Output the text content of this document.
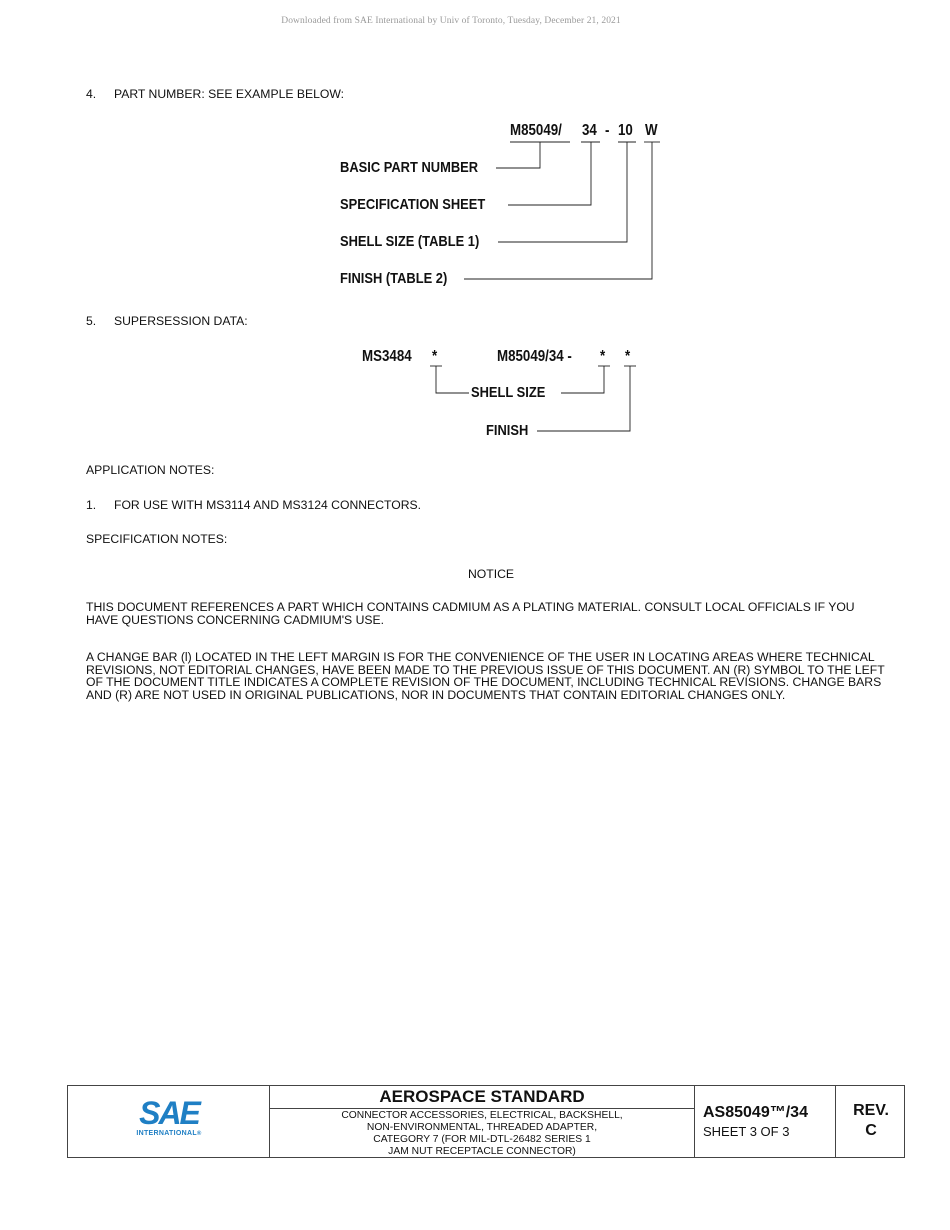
Downloaded from SAE International by Univ of Toronto, Tuesday, December 21, 2021
4. PART NUMBER: SEE EXAMPLE BELOW:
M85049/ 34 - 10 W
BASIC PART NUMBER
SPECIFICATION SHEET
SHELL SIZE (TABLE 1)
FINISH (TABLE 2)
5. SUPERSESSION DATA:
MS3484 *	M85049/34 - * *
SHELL SIZE
FINISH
APPLICATION NOTES:
1. FOR USE WITH MS3114 AND MS3124 CONNECTORS.
SPECIFICATION NOTES:
NOTICE
THIS DOCUMENT REFERENCES A PART WHICH CONTAINS CADMIUM AS A PLATING MATERIAL. CONSULT LOCAL OFFICIALS IF YOU HAVE QUESTIONS CONCERNING CADMIUM'S USE.
A CHANGE BAR (l) LOCATED IN THE LEFT MARGIN IS FOR THE CONVENIENCE OF THE USER IN LOCATING AREAS WHERE TECHNICAL REVISIONS, NOT EDITORIAL CHANGES, HAVE BEEN MADE TO THE PREVIOUS ISSUE OF THIS DOCUMENT. AN (R) SYMBOL TO THE LEFT OF THE DOCUMENT TITLE INDICATES A COMPLETE REVISION OF THE DOCUMENT, INCLUDING TECHNICAL REVISIONS. CHANGE BARS AND (R) ARE NOT USED IN ORIGINAL PUBLICATIONS, NOR IN DOCUMENTS THAT CONTAIN EDITORIAL CHANGES ONLY.
SAE
INTERNATIONAL®
AEROSPACE STANDARD
CONNECTOR ACCESSORIES, ELECTRICAL, BACKSHELL,
NON-ENVIRONMENTAL, THREADED ADAPTER,
CATEGORY 7 (FOR MIL-DTL-26482 SERIES 1
JAM NUT RECEPTACLE CONNECTOR)
AS85049™/34
SHEET 3 OF 3
REV.
C
